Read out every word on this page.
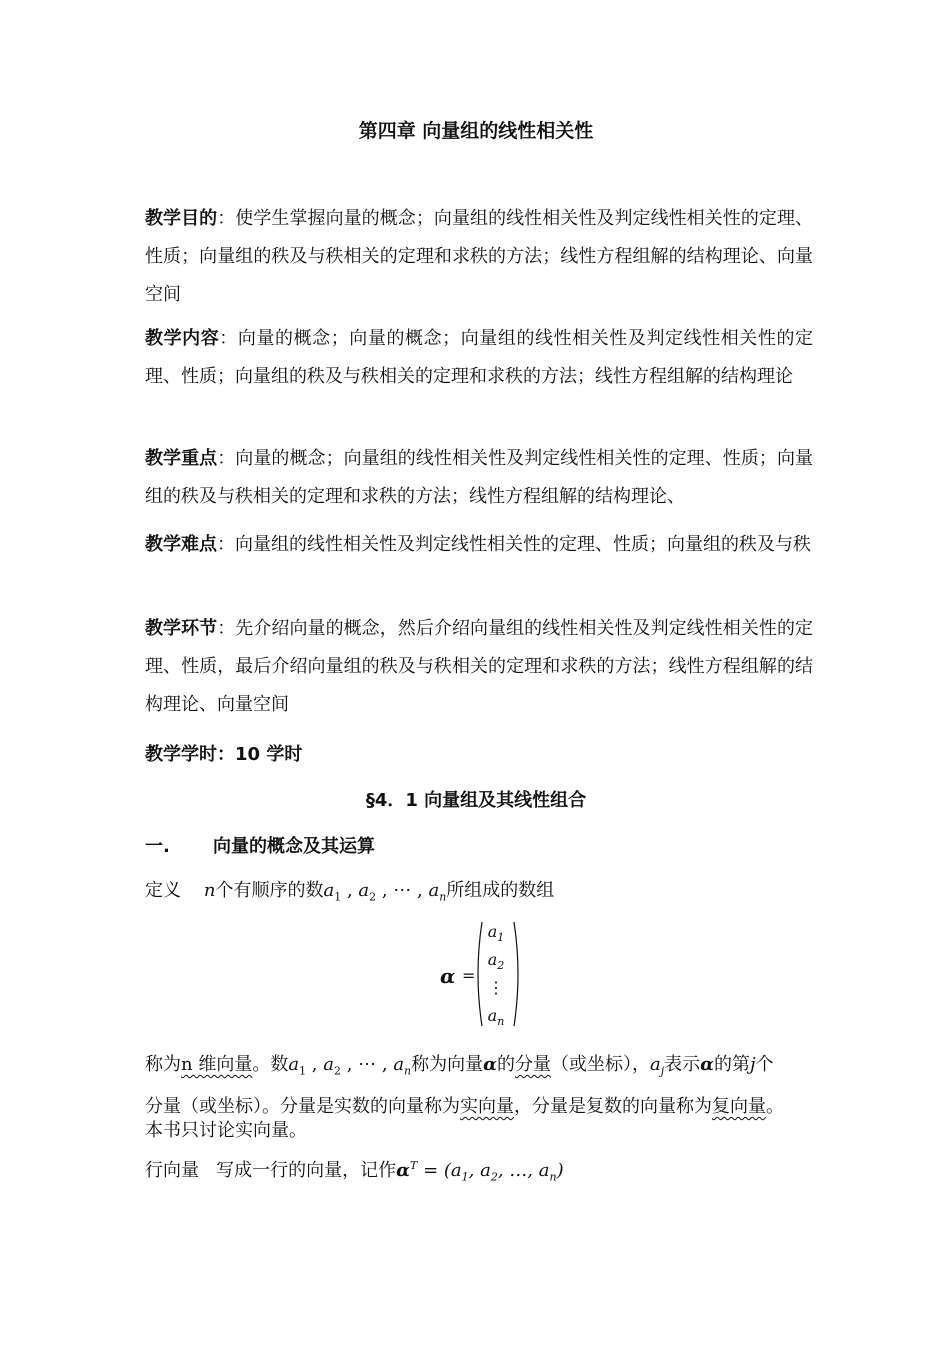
第四章 向量组的线性相关性
教学目的：使学生掌握向量的概念；向量组的线性相关性及判定线性相关性的定理、性质；向量组的秩及与秩相关的定理和求秩的方法；线性方程组解的结构理论、向量空间
教学内容：向量的概念；向量的概念；向量组的线性相关性及判定线性相关性的定理、性质；向量组的秩及与秩相关的定理和求秩的方法；线性方程组解的结构理论
教学重点：向量的概念；向量组的线性相关性及判定线性相关性的定理、性质；向量组的秩及与秩相关的定理和求秩的方法；线性方程组解的结构理论、
教学难点：向量组的线性相关性及判定线性相关性的定理、性质；向量组的秩及与秩
教学环节：先介绍向量的概念，然后介绍向量组的线性相关性及判定线性相关性的定理、性质，最后介绍向量组的秩及与秩相关的定理和求秩的方法；线性方程组解的结构理论、向量空间
教学学时：10 学时
§4．1 向量组及其线性组合
一. 向量的概念及其运算
定义 n个有顺序的数$a_1$ , $a_2$ , ⋯ , $a_n$所组成的数组
α =
$a_1$
$a_2$
⋮
$a_n$
称为n 维向量。数$a_1$ , $a_2$ , ⋯ , $a_n$称为向量α的分量（或坐标），$a_j$表示α的第j个
分量（或坐标）。分量是实数的向量称为实向量，分量是复数的向量称为复向量。
本书只讨论实向量。
行向量 写成一行的向量，记作$\alpha^T = (a_1$, $a_2$, …, $a_n$)
